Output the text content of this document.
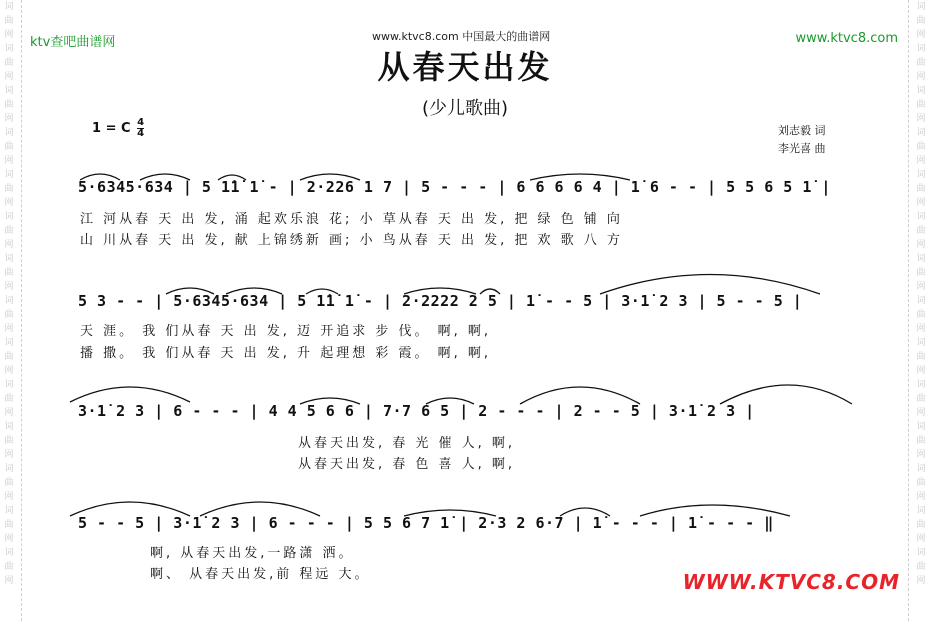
词
曲
网
词
曲
网
词
曲
网
词
曲
网
词
曲
网
词
曲
网
词
曲
网
词
曲
网
词
曲
网
词
曲
网
词
曲
网
词
曲
网
词
曲
网
词
曲
网
词
曲
网
词
曲
网
词
曲
网
词
曲
网
词
曲
网
词
曲
网
词
曲
网
词
曲
网
词
曲
网
词
曲
网
词
曲
网
词
曲
网
词
曲
网
词
曲
网
ktv查吧曲谱网	www.ktvc8.com 中国最大的曲谱网	www.ktvc8.com
从春天出发
(少儿歌曲)
1 = C $\frac{4}{4}$	刘志毅 词
李光喜 曲
5·6345·634 | 5 1̇1̇ 1̇ - | 2·226 1 7 | 5 - - - | 6 6 6 6 4 | 1̇ 6 - - | 5 5 6 5 1̇ |
江 河从春 天 出 发, 涌 起欢乐浪 花; 小 草从春 天 出 发, 把 绿 色 铺 向
山 川从春 天 出 发, 献 上锦绣新 画; 小 鸟从春 天 出 发, 把 欢 歌 八 方
5 3 - - | 5·6345·634 | 5 1̇1̇ 1̇ - | 2·2222 2 5 | 1̇ - - 5 | 3·1̇ 2 3 | 5 - - 5 |
天 涯。 我 们从春 天 出 发, 迈 开追求 步 伐。 啊, 啊,
播 撒。 我 们从春 天 出 发, 升 起理想 彩 霞。 啊, 啊,
3·1̇ 2 3 | 6 - - - | 4 4 5 6 6 | 7·7 6 5 | 2 - - - | 2 - - 5 | 3·1̇ 2 3 |
从春天出发, 春 光 催 人, 啊,
从春天出发, 春 色 喜 人, 啊,
5 - - 5 | 3·1̇ 2 3 | 6 - - - | 5 5 6 7 1̇ | 2·3 2 6·7 | 1̇ - - - | 1̇ - - - ‖
啊, 从春天出发,一路潇 洒。
啊、 从春天出发,前 程远 大。	WWW.KTVC8.COM
